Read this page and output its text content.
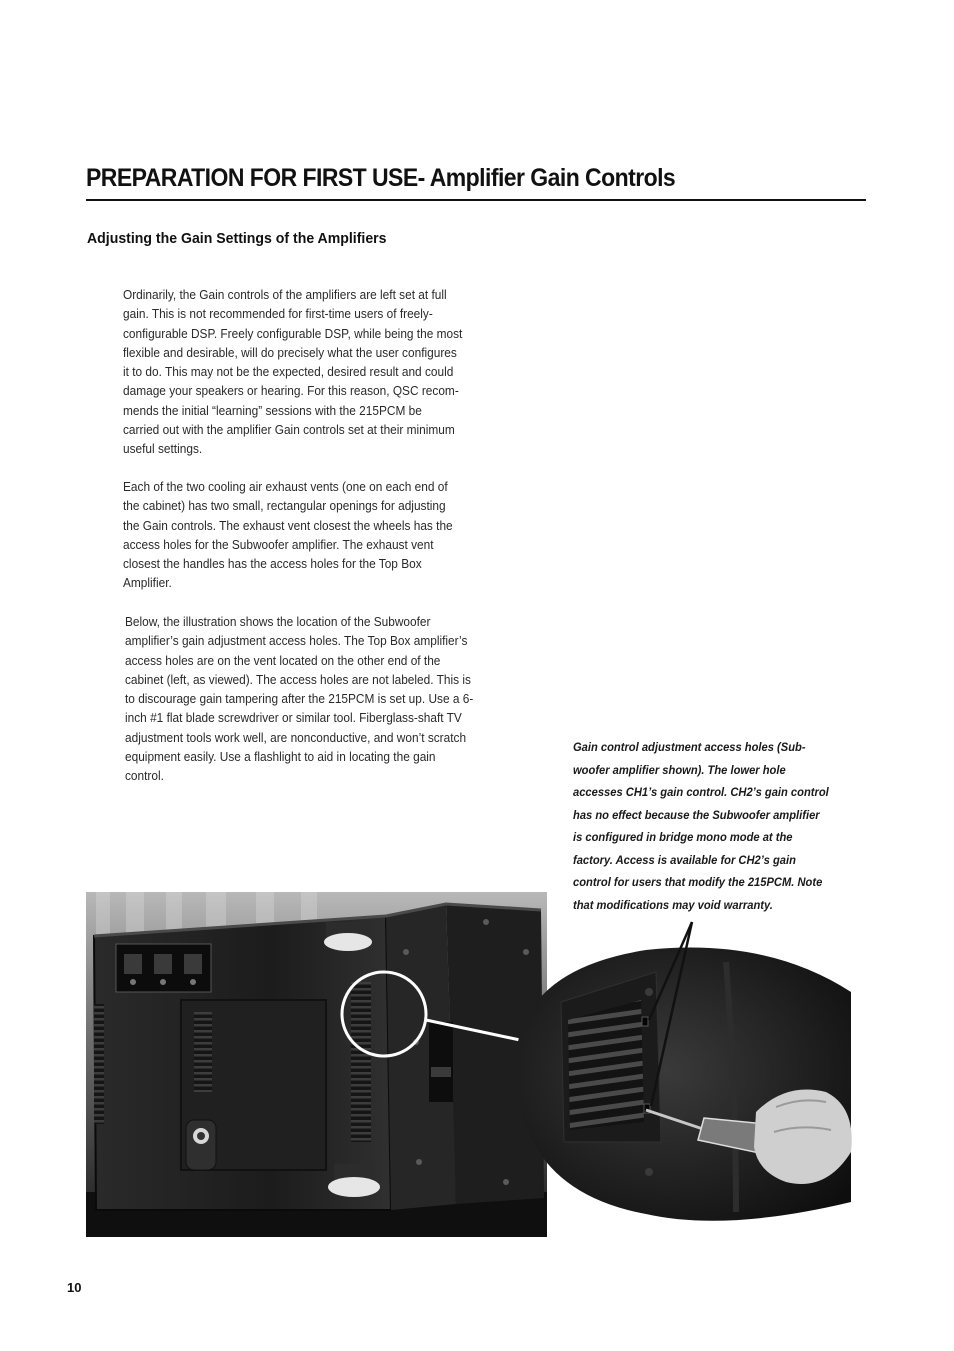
PREPARATION FOR FIRST USE- Amplifier Gain Controls
Adjusting the Gain Settings of the Amplifiers

Ordinarily, the Gain controls of the amplifiers are left set at full
gain. This is not recommended for first-time users of freely-
configurable DSP. Freely configurable DSP, while being the most
flexible and desirable, will do precisely what the user configures
it to do. This may not be the expected, desired result and could
damage your speakers or hearing. For this reason, QSC recom-
mends the initial “learning” sessions with the 215PCM be
carried out with the amplifier Gain controls set at their minimum
useful settings.

Each of the two cooling air exhaust vents (one on each end of
the cabinet) has two small, rectangular openings for adjusting
the Gain controls. The exhaust vent closest the wheels has the
access holes for the Subwoofer amplifier. The exhaust vent
closest the handles has the access holes for the Top Box
Amplifier.

Below, the illustration shows the location of the Subwoofer
amplifier’s gain adjustment access holes. The Top Box amplifier’s
access holes are on the vent located on the other end of the
cabinet (left, as viewed). The access holes are not labeled. This is
to discourage gain tampering after the 215PCM is set up. Use a 6-
inch #1 flat blade screwdriver or similar tool. Fiberglass-shaft TV
adjustment tools work well, are nonconductive, and won’t scratch
equipment easily. Use a flashlight to aid in locating the gain
control.

Gain control adjustment access holes (Sub-
woofer amplifier shown). The lower hole
accesses CH1’s gain control. CH2’s gain control
has no effect because the Subwoofer amplifier
is configured in bridge mono mode at the
factory. Access is available for CH2’s gain
control for users that modify the 215PCM. Note
that modifications may void warranty.
10
